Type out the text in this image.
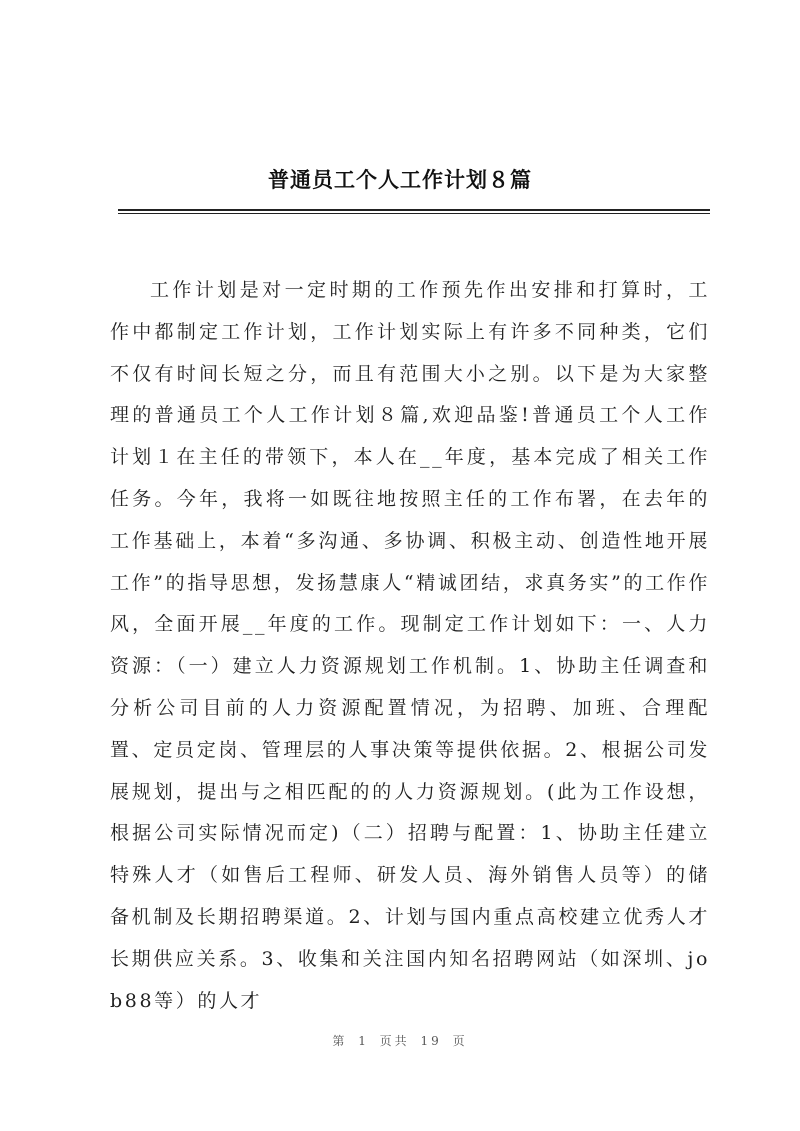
普通员工个人工作计划８篇

工作计划是对一定时期的工作预先作出安排和打算时，工作中都制定工作计划，工作计划实际上有许多不同种类，它们不仅有时间长短之分，而且有范围大小之别。以下是为大家整理的普通员工个人工作计划８篇,欢迎品鉴!普通员工个人工作计划１在主任的带领下，本人在__年度，基本完成了相关工作任务。今年，我将一如既往地按照主任的工作布署，在去年的工作基础上，本着“多沟通、多协调、积极主动、创造性地开展工作”的指导思想，发扬慧康人“精诚团结，求真务实”的工作作风，全面开展__年度的工作。现制定工作计划如下：一、人力资源：（一）建立人力资源规划工作机制。1、协助主任调查和分析公司目前的人力资源配置情况，为招聘、加班、合理配置、定员定岗、管理层的人事决策等提供依据。2、根据公司发展规划，提出与之相匹配的的人力资源规划。(此为工作设想，根据公司实际情况而定)（二）招聘与配置：1、协助主任建立特殊人才（如售后工程师、研发人员、海外销售人员等）的储备机制及长期招聘渠道。2、计划与国内重点高校建立优秀人才长期供应关系。3、收集和关注国内知名招聘网站（如深圳、job88等）的人才

第 1 页共 19 页
